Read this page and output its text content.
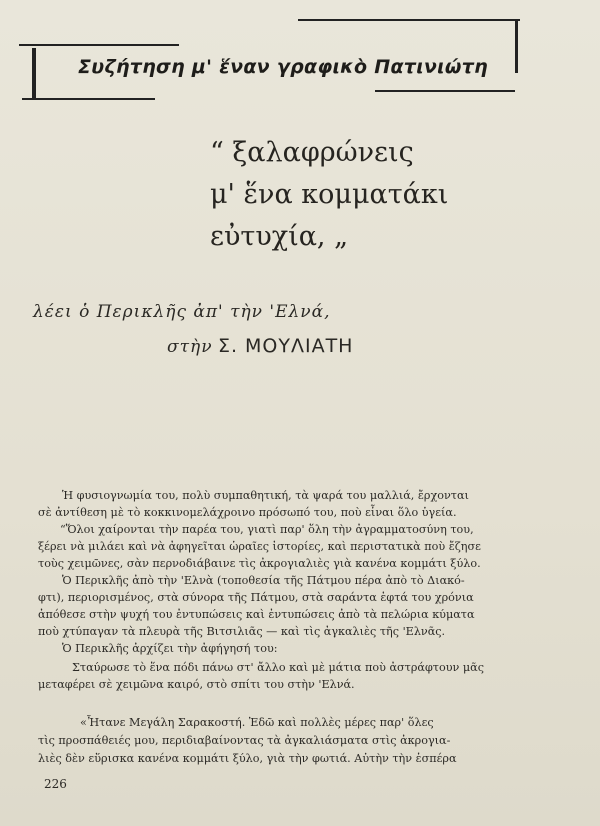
Συζήτηση μ' ἕναν γραφικὸ Πατινιώτη
“ ξαλαφρώνεις
μ' ἕνα κομματάκι
εὐτυχία, „
λέει ὁ Περικλῆς ἀπ' τὴν 'Ελνά,
στὴν Σ. ΜΟΥΛΙΑΤΗ
Ἡ φυσιογνωμία του, πολὺ συμπαθητική, τὰ ψαρά του μαλλιά, ἔρχονται
σὲ ἀντίθεση μὲ τὸ κοκκινομελάχροινο πρόσωπό του, ποὺ εἶναι ὅλο ὑγεία.
“Ὅλοι χαίρονται τὴν παρέα του, γιατὶ παρ' ὅλη τὴν ἀγραμματοσύνη του,
ξέρει νὰ μιλάει καὶ νὰ ἀφηγεῖται ὡραῖες ἱστορίες, καὶ περιστατικὰ ποὺ ἔζησε
τοὺς χειμῶνες, σὰν περνοδιάβαινε τὶς ἀκρογιαλιὲς γιὰ κανένα κομμάτι ξύλο.
Ὁ Περικλῆς ἀπὸ τὴν 'Ελνὰ (τοποθεσία τῆς Πάτμου πέρα ἀπὸ τὸ Διακό-
φτι), περιορισμένος, στὰ σύνορα τῆς Πάτμου, στὰ σαράντα ἑφτά του χρόνια
ἀπόθεσε στὴν ψυχή του ἐντυπώσεις καὶ ἐντυπώσεις ἀπὸ τὰ πελώρια κύματα
ποὺ χτύπαγαν τὰ πλευρὰ τῆς Βιτσιλιᾶς — καὶ τὶς ἀγκαλιὲς τῆς 'Ελνᾶς.
Ὁ Περικλῆς ἀρχίζει τὴν ἀφήγησή του:
Σταύρωσε τὸ ἕνα πόδι πάνω στ' ἄλλο καὶ μὲ μάτια ποὺ ἀστράφτουν μᾶς
μεταφέρει σὲ χειμῶνα καιρό, στὸ σπίτι του στὴν 'Ελνά.
«Ἦτανε Μεγάλη Σαρακοστή. Ἐδῶ καὶ πολλὲς μέρες παρ' ὅλες
τὶς προσπάθειές μου, περιδιαβαίνοντας τὰ ἀγκαλιάσματα στὶς ἀκρογια-
λιὲς δὲν εὕρισκα κανένα κομμάτι ξύλο, γιὰ τὴν φωτιά. Αὐτὴν τὴν ἑσπέρα
226
